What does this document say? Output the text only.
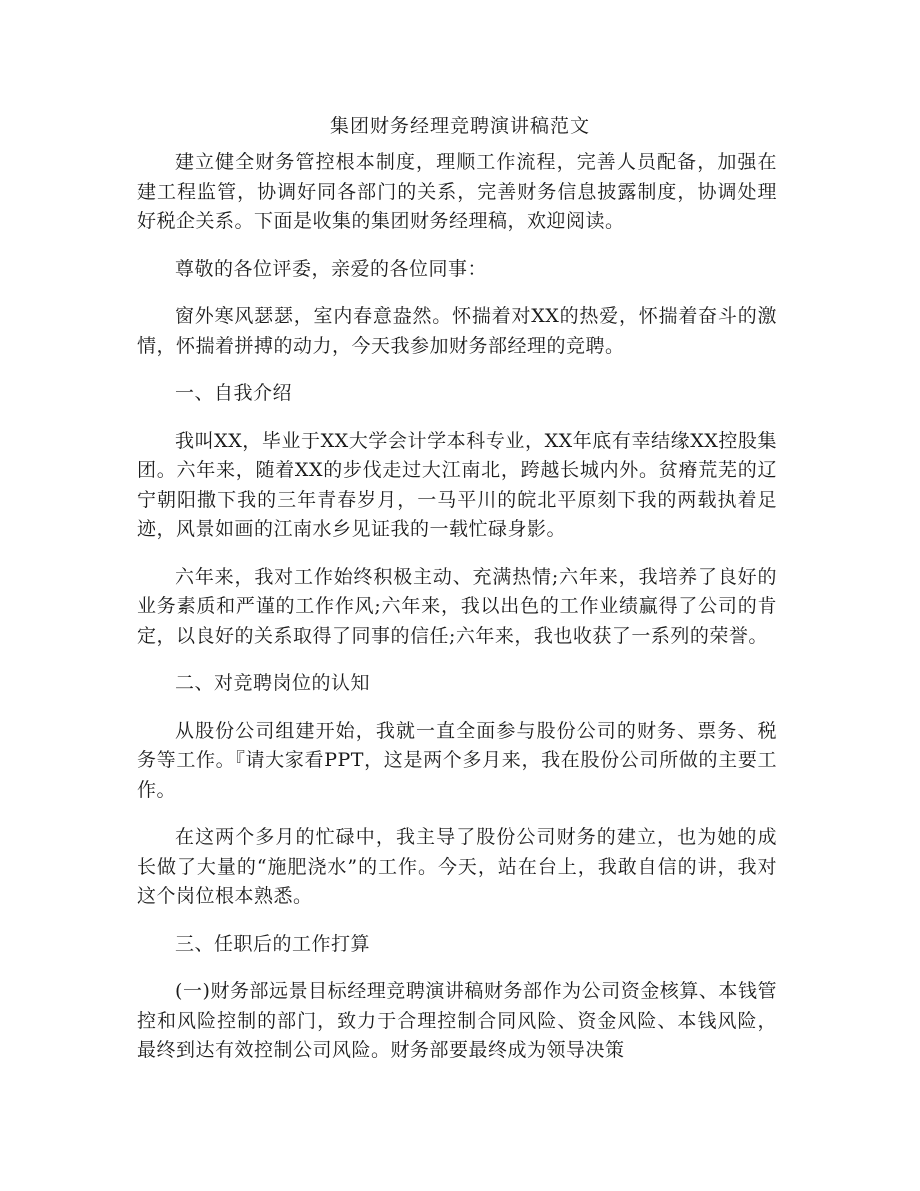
集团财务经理竞聘演讲稿范文

建立健全财务管控根本制度，理顺工作流程，完善人员配备，加强在建工程监管，协调好同各部门的关系，完善财务信息披露制度，协调处理好税企关系。下面是收集的集团财务经理稿，欢迎阅读。

尊敬的各位评委，亲爱的各位同事：

窗外寒风瑟瑟，室内春意盎然。怀揣着对XX的热爱，怀揣着奋斗的激情，怀揣着拼搏的动力，今天我参加财务部经理的竞聘。

一、自我介绍

我叫XX，毕业于XX大学会计学本科专业，XX年底有幸结缘XX控股集团。六年来，随着XX的步伐走过大江南北，跨越长城内外。贫瘠荒芜的辽宁朝阳撒下我的三年青春岁月，一马平川的皖北平原刻下我的两载执着足迹，风景如画的江南水乡见证我的一载忙碌身影。

六年来，我对工作始终积极主动、充满热情;六年来，我培养了良好的业务素质和严谨的工作作风;六年来，我以出色的工作业绩赢得了公司的肯定，以良好的关系取得了同事的信任;六年来，我也收获了一系列的荣誉。

二、对竞聘岗位的认知

从股份公司组建开始，我就一直全面参与股份公司的财务、票务、税务等工作。『请大家看PPT，这是两个多月来，我在股份公司所做的主要工作。

在这两个多月的忙碌中，我主导了股份公司财务的建立，也为她的成长做了大量的“施肥浇水”的工作。今天，站在台上，我敢自信的讲，我对这个岗位根本熟悉。

三、任职后的工作打算

(一)财务部远景目标经理竞聘演讲稿财务部作为公司资金核算、本钱管控和风险控制的部门，致力于合理控制合同风险、资金风险、本钱风险，最终到达有效控制公司风险。财务部要最终成为领导决策
